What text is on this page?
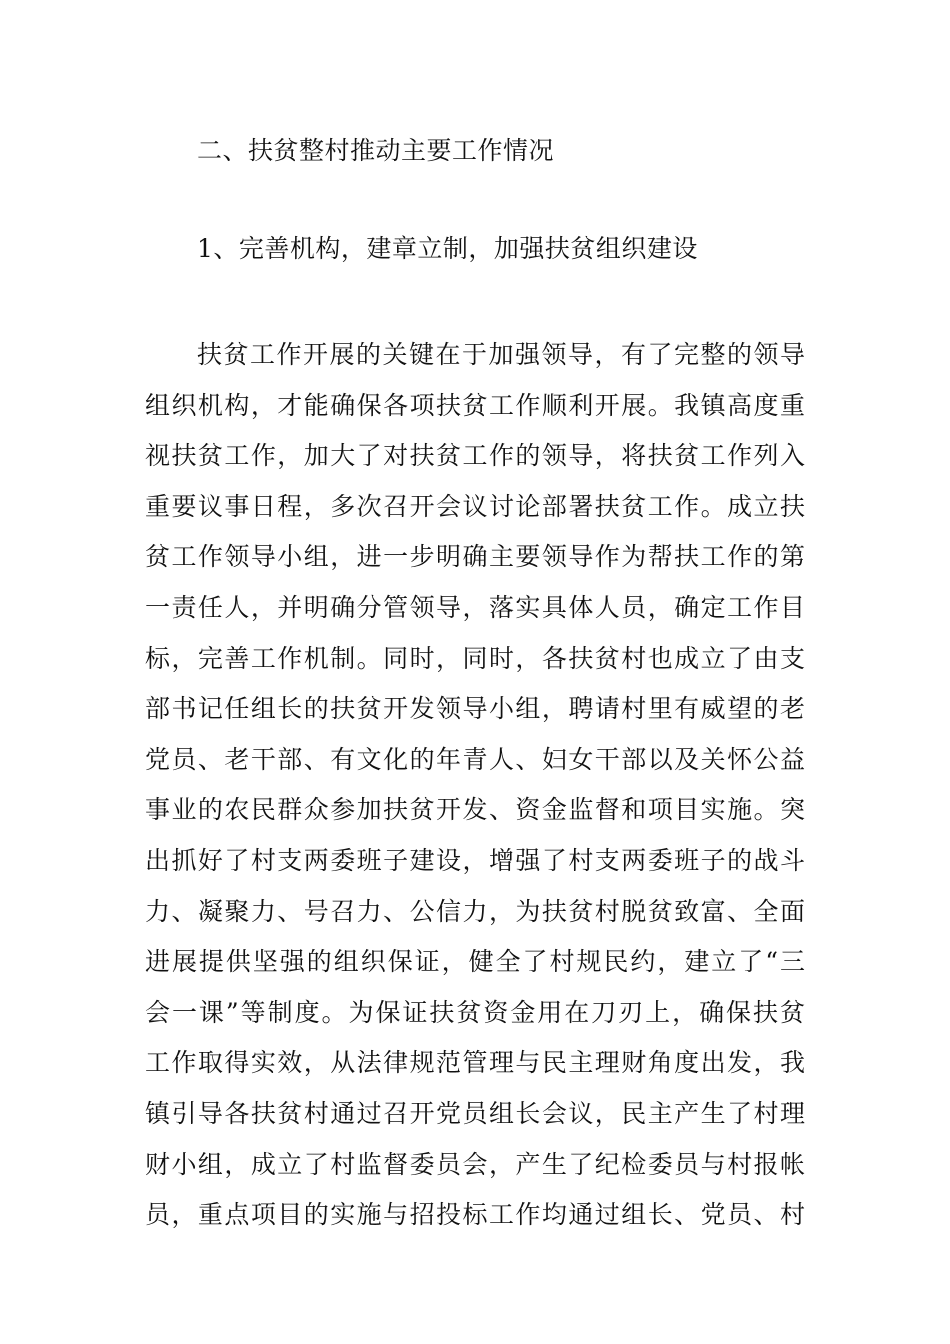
二、扶贫整村推动主要工作情况
1、完善机构，建章立制，加强扶贫组织建设
扶贫工作开展的关键在于加强领导，有了完整的领导
组织机构，才能确保各项扶贫工作顺利开展。我镇高度重
视扶贫工作，加大了对扶贫工作的领导，将扶贫工作列入
重要议事日程，多次召开会议讨论部署扶贫工作。成立扶
贫工作领导小组，进一步明确主要领导作为帮扶工作的第
一责任人，并明确分管领导，落实具体人员，确定工作目
标，完善工作机制。同时，同时，各扶贫村也成立了由支
部书记任组长的扶贫开发领导小组，聘请村里有威望的老
党员、老干部、有文化的年青人、妇女干部以及关怀公益
事业的农民群众参加扶贫开发、资金监督和项目实施。突
出抓好了村支两委班子建设，增强了村支两委班子的战斗
力、凝聚力、号召力、公信力，为扶贫村脱贫致富、全面
进展提供坚强的组织保证，健全了村规民约，建立了“三
会一课”等制度。为保证扶贫资金用在刀刃上，确保扶贫
工作取得实效，从法律规范管理与民主理财角度出发，我
镇引导各扶贫村通过召开党员组长会议，民主产生了村理
财小组，成立了村监督委员会，产生了纪检委员与村报帐
员，重点项目的实施与招投标工作均通过组长、党员、村
